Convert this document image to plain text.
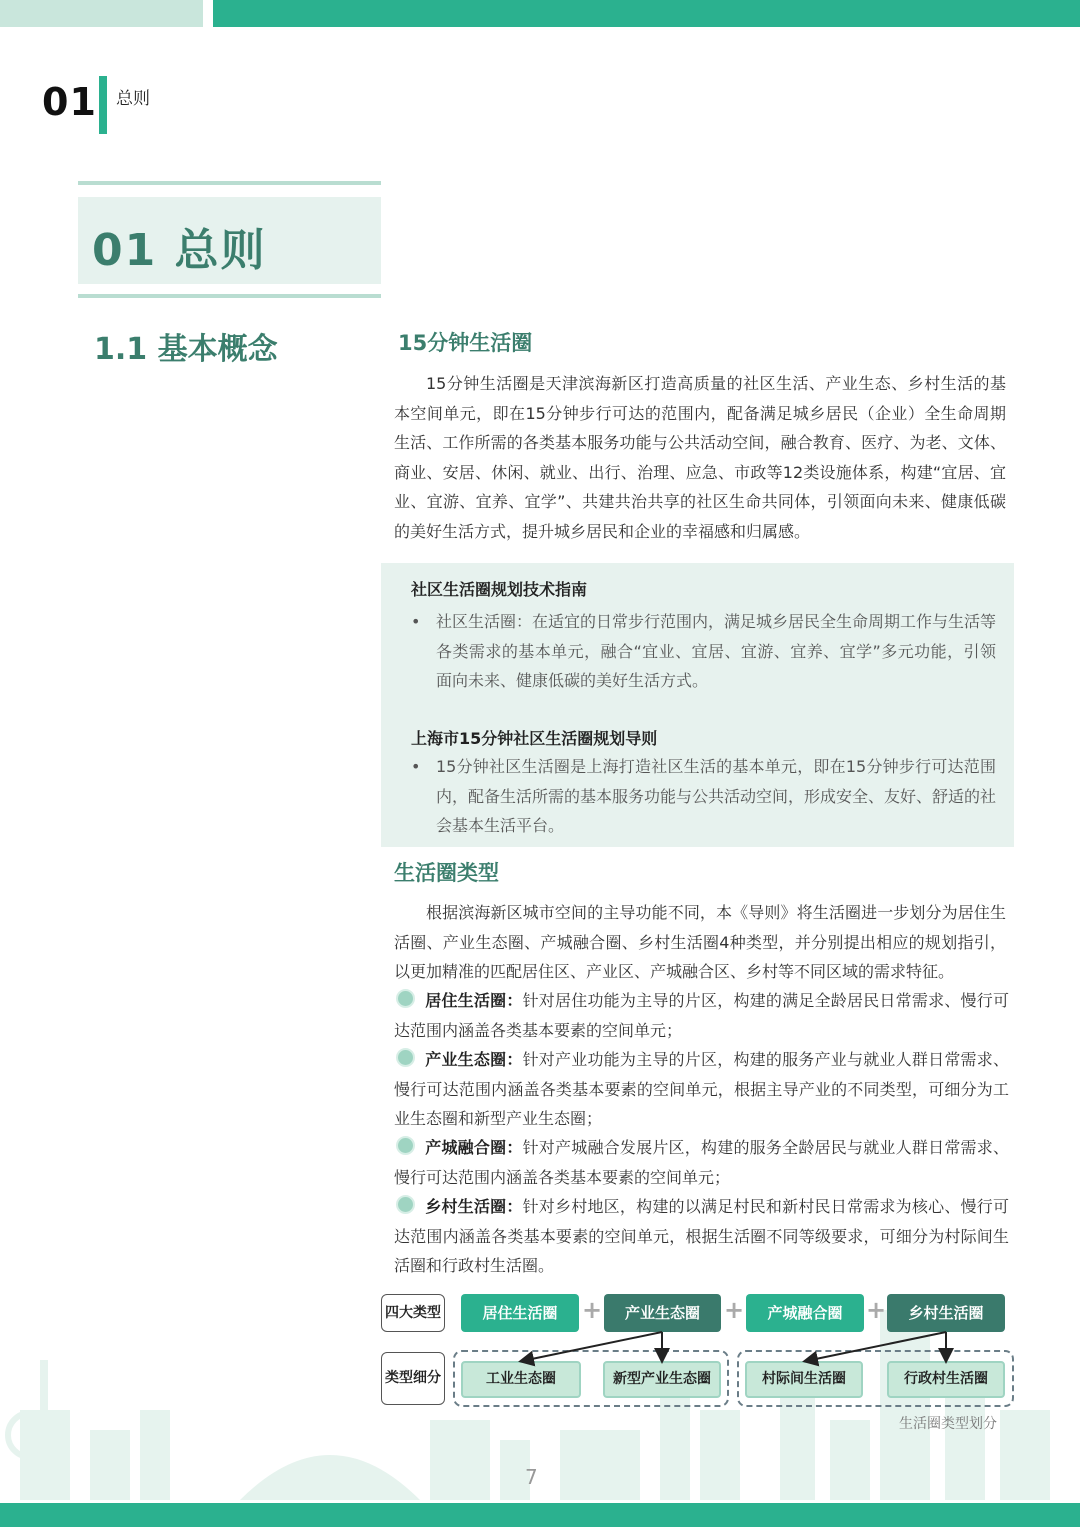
01 总则
01 总则
1.1 基本概念	15分钟生活圈
15分钟生活圈是天津滨海新区打造高质量的社区生活、产业生态、乡村生活的基本空间单元，即在15分钟步行可达的范围内，配备满足城乡居民（企业）全生命周期生活、工作所需的各类基本服务功能与公共活动空间，融合教育、医疗、为老、文体、商业、安居、休闲、就业、出行、治理、应急、市政等12类设施体系，构建“宜居、宜业、宜游、宜养、宜学”、共建共治共享的社区生命共同体，引领面向未来、健康低碳的美好生活方式，提升城乡居民和企业的幸福感和归属感。
社区生活圈规划技术指南
• 社区生活圈：在适宜的日常步行范围内，满足城乡居民全生命周期工作与生活等各类需求的基本单元，融合“宜业、宜居、宜游、宜养、宜学”多元功能，引领面向未来、健康低碳的美好生活方式。
上海市15分钟社区生活圈规划导则
• 15分钟社区生活圈是上海打造社区生活的基本单元，即在15分钟步行可达范围内，配备生活所需的基本服务功能与公共活动空间，形成安全、友好、舒适的社会基本生活平台。
生活圈类型
根据滨海新区城市空间的主导功能不同，本《导则》将生活圈进一步划分为居住生活圈、产业生态圈、产城融合圈、乡村生活圈4种类型，并分别提出相应的规划指引，以更加精准的匹配居住区、产业区、产城融合区、乡村等不同区域的需求特征。
居住生活圈：针对居住功能为主导的片区，构建的满足全龄居民日常需求、慢行可达范围内涵盖各类基本要素的空间单元；
产业生态圈：针对产业功能为主导的片区，构建的服务产业与就业人群日常需求、慢行可达范围内涵盖各类基本要素的空间单元，根据主导产业的不同类型，可细分为工业生态圈和新型产业生态圈；
产城融合圈：针对产城融合发展片区，构建的服务全龄居民与就业人群日常需求、慢行可达范围内涵盖各类基本要素的空间单元；
乡村生活圈：针对乡村地区，构建的以满足村民和新村民日常需求为核心、慢行可达范围内涵盖各类基本要素的空间单元，根据生活圈不同等级要求，可细分为村际间生活圈和行政村生活圈。
四大类型
类型细分
居住生活圈	+	产业生态圈	+	产城融合圈 +	乡村生活圈
工业生态圈	新型产业生态圈	村际间生活圈	行政村生活圈
生活圈类型划分
7
